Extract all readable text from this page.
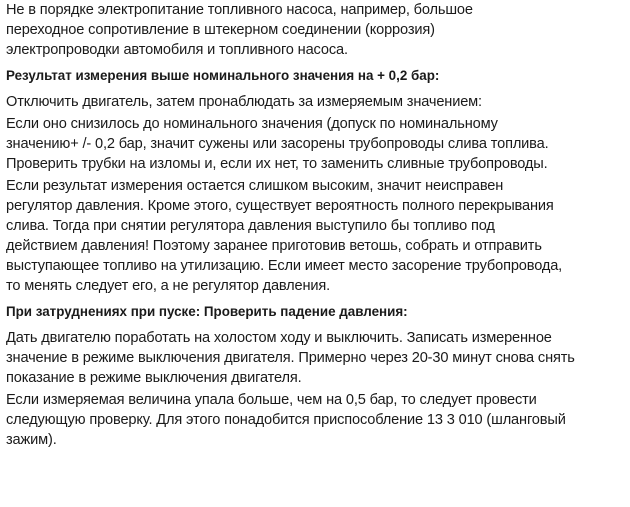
Не в порядке электропитание топливного насоса, например, большое
переходное сопротивление в штекерном соединении (коррозия)
электропроводки автомобиля и топливного насоса.

Результат измерения выше номинального значения на + 0,2 бар:

Отключить двигатель, затем пронаблюдать за измеряемым значением:

Если оно снизилось до номинального значения (допуск по номинальному
значению+ /- 0,2 бар, значит сужены или засорены трубопроводы слива топлива.
Проверить трубки на изломы и, если их нет, то заменить сливные трубопроводы.

Если результат измерения остается слишком высоким, значит неисправен
регулятор давления. Кроме этого, существует вероятность полного перекрывания
слива. Тогда при снятии регулятора давления выступило бы топливо под
действием давления! Поэтому заранее приготовив ветошь, собрать и отправить
выступающее топливо на утилизацию. Если имеет место засорение трубопровода,
то менять следует его, а не регулятор давления.

При затруднениях при пуске: Проверить падение давления:

Дать двигателю поработать на холостом ходу и выключить. Записать измеренное
значение в режиме выключения двигателя. Примерно через 20-30 минут снова снять
показание в режиме выключения двигателя.

Если измеряемая величина упала больше, чем на 0,5 бар, то следует провести
следующую проверку. Для этого понадобится приспособление 13 3 010 (шланговый
зажим).
